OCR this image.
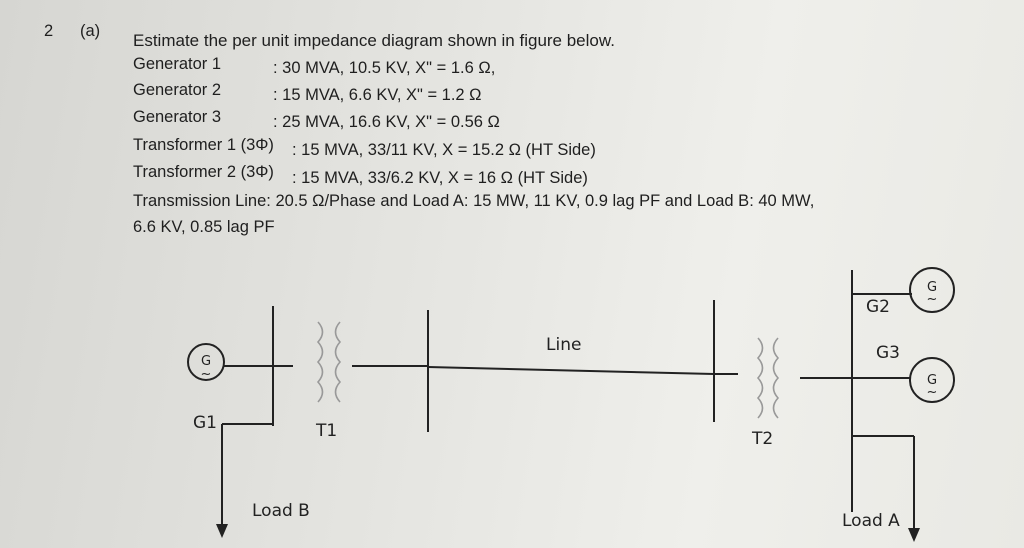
2 (a) Estimate the per unit impedance diagram shown in figure below.
Generator 1	: 30 MVA, 10.5 KV, X" = 1.6 Ω,
Generator 2	: 15 MVA, 6.6 KV, X" = 1.2 Ω
Generator 3	: 25 MVA, 16.6 KV, X" = 0.56 Ω
Transformer 1 (3Φ) : 15 MVA, 33/11 KV, X = 15.2 Ω (HT Side)
Transformer 2 (3Φ) : 15 MVA, 33/6.2 KV, X = 16 Ω (HT Side)
Transmission Line: 20.5 Ω/Phase and Load A: 15 MW, 11 KV, 0.9 lag PF and Load B: 40 MW,
6.6 KV, 0.85 lag PF
G
~
G
~
G
~
G1	T1
Line
T2
G2
G3
Load B	Load A
